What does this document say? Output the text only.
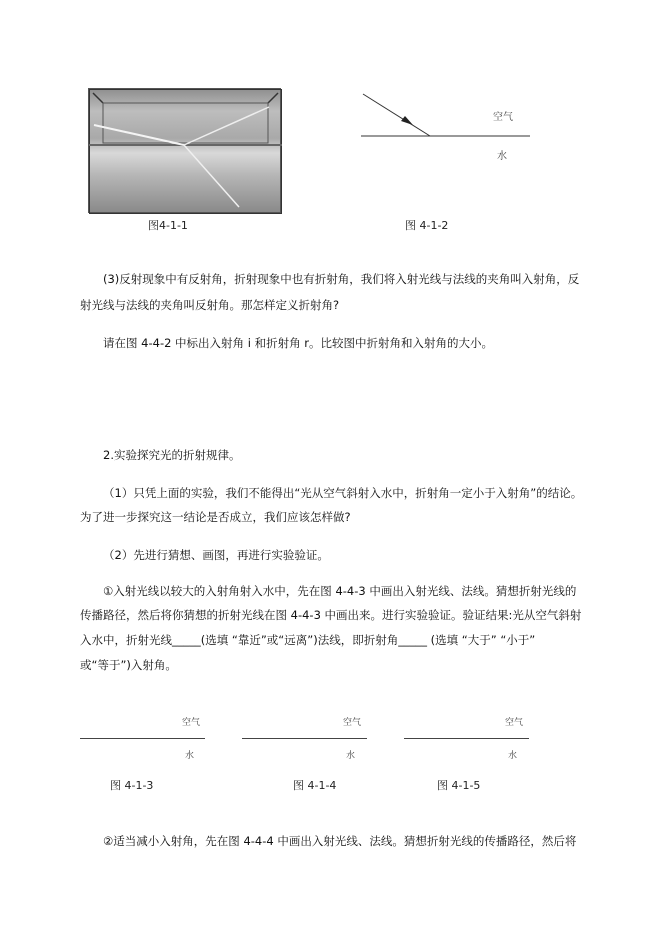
图4-1-1
空气
水
图 4-1-2
(3)反射现象中有反射角，折射现象中也有折射角，我们将入射光线与法线的夹角叫入射角，反
射光线与法线的夹角叫反射角。那怎样定义折射角?
请在图 4-4-2 中标出入射角 i 和折射角 r。比较图中折射角和入射角的大小。
2.实验探究光的折射规律。
（1）只凭上面的实验，我们不能得出“光从空气斜射入水中，折射角一定小于入射角”的结论。
为了进一步探究这一结论是否成立，我们应该怎样做?
（2）先进行猜想、画图，再进行实验验证。
①入射光线以较大的入射角射入水中，先在图 4-4-3 中画出入射光线、法线。猜想折射光线的
传播路径，然后将你猜想的折射光线在图 4-4-3 中画出来。进行实验验证。验证结果:光从空气斜射
入水中，折射光线_____(选填 “靠近”或“远离”)法线，即折射角_____ (选填 “大于” “小于”
或“等于”)入射角。
空气
水
图 4-1-3
空气
水
图 4-1-4
空气
水
图 4-1-5
②适当减小入射角，先在图 4-4-4 中画出入射光线、法线。猜想折射光线的传播路径，然后将
